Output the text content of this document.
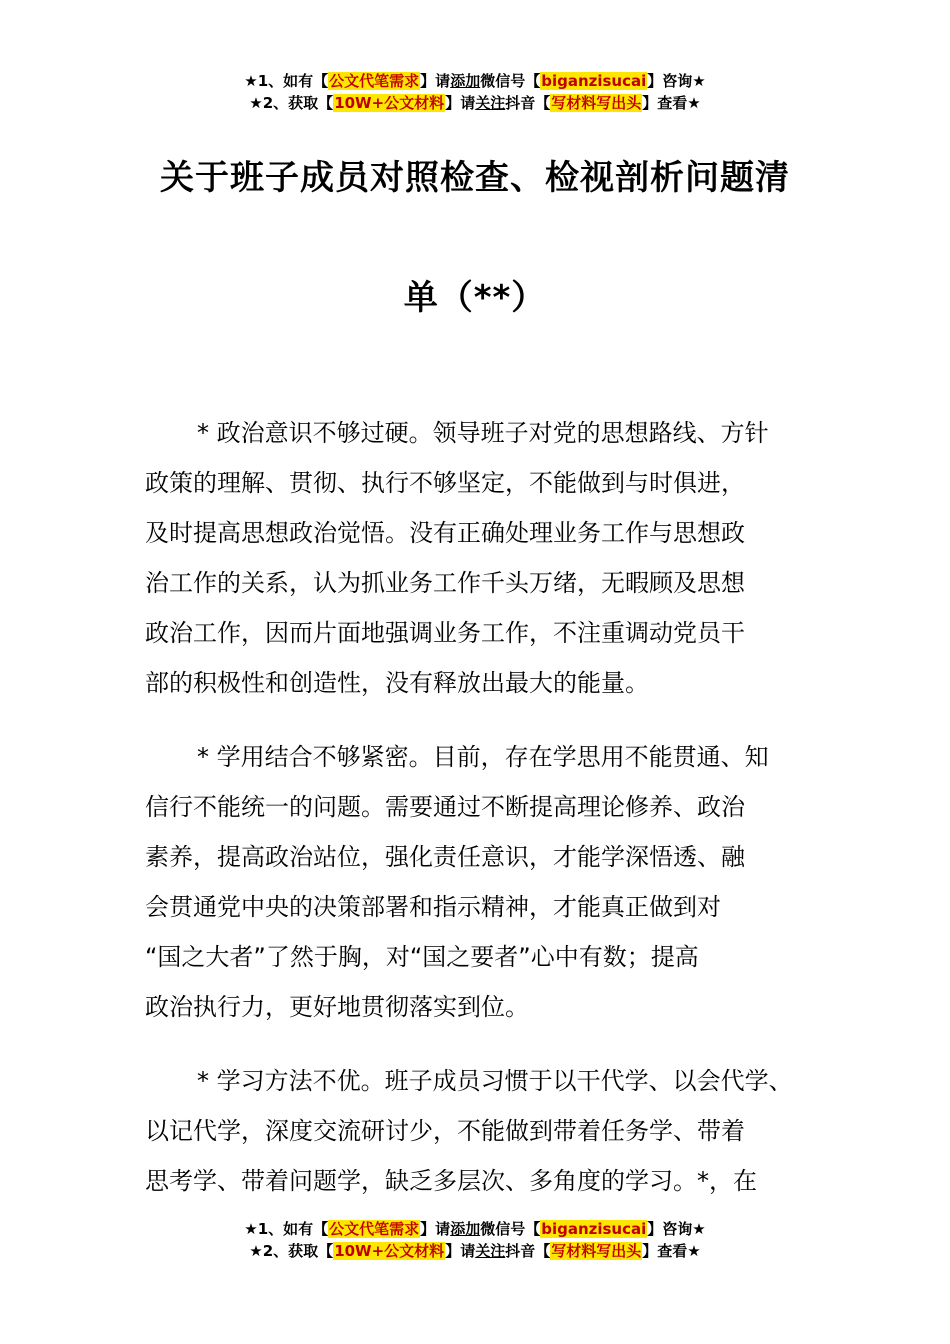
★1、如有【公文代笔需求】请添加微信号【biganzisucai】咨询★
★2、获取【10W+公文材料】请关注抖音【写材料写出头】查看★
关于班子成员对照检查、检视剖析问题清
单（**）
* 政治意识不够过硬。领导班子对党的思想路线、方针
政策的理解、贯彻、执行不够坚定，不能做到与时俱进，
及时提高思想政治觉悟。没有正确处理业务工作与思想政
治工作的关系，认为抓业务工作千头万绪，无暇顾及思想
政治工作，因而片面地强调业务工作，不注重调动党员干
部的积极性和创造性，没有释放出最大的能量。
* 学用结合不够紧密。目前，存在学思用不能贯通、知
信行不能统一的问题。需要通过不断提高理论修养、政治
素养，提高政治站位，强化责任意识，才能学深悟透、融
会贯通党中央的决策部署和指示精神，才能真正做到对
“国之大者”了然于胸，对“国之要者”心中有数；提高
政治执行力，更好地贯彻落实到位。
* 学习方法不优。班子成员习惯于以干代学、以会代学、
以记代学，深度交流研讨少，不能做到带着任务学、带着
思考学、带着问题学，缺乏多层次、多角度的学习。*，在
★1、如有【公文代笔需求】请添加微信号【biganzisucai】咨询★
★2、获取【10W+公文材料】请关注抖音【写材料写出头】查看★
